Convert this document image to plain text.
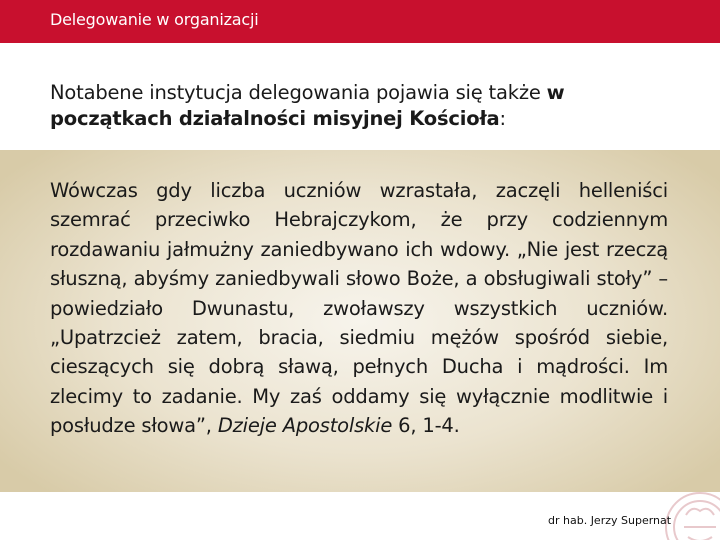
Delegowanie w organizacji
Notabene instytucja delegowania pojawia się także w początkach działalności misyjnej Kościoła:
Wówczas gdy liczba uczniów wzrastała, zaczęli helleniści szemrać przeciwko Hebrajczykom, że przy codziennym rozdawaniu jałmużny zaniedbywano ich wdowy. „Nie jest rzeczą słuszną, abyśmy zaniedbywali słowo Boże, a obsługiwali stoły” – powiedziało Dwunastu, zwoławszy wszystkich uczniów. „Upatrzcież zatem, bracia, siedmiu mężów spośród siebie, cieszących się dobrą sławą, pełnych Ducha i mądrości. Im zlecimy to zadanie. My zaś oddamy się wyłącznie modlitwie i posłudze słowa”, Dzieje Apostolskie 6, 1-4.
dr hab. Jerzy Supernat
